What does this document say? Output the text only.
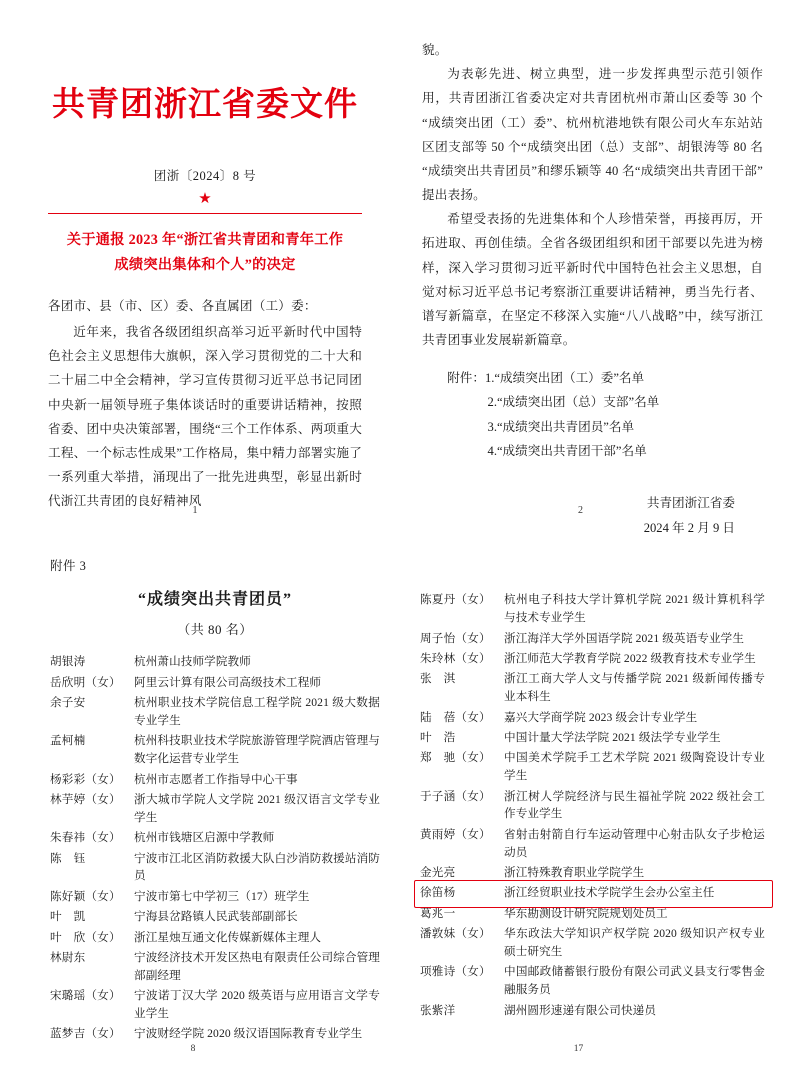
共青团浙江省委文件
团浙〔2024〕8 号
★
关于通报 2023 年“浙江省共青团和青年工作
成绩突出集体和个人”的决定

各团市、县（市、区）委、各直属团（工）委：

近年来，我省各级团组织高举习近平新时代中国特色社会主义思想伟大旗帜，深入学习贯彻党的二十大和二十届二中全会精神，学习宣传贯彻习近平总书记同团中央新一届领导班子集体谈话时的重要讲话精神，按照省委、团中央决策部署，围绕“三个工作体系、两项重大工程、一个标志性成果”工作格局，集中精力部署实施了一系列重大举措，涌现出了一批先进典型，彰显出新时代浙江共青团的良好精神风

1

貌。

为表彰先进、树立典型，进一步发挥典型示范引领作用，共青团浙江省委决定对共青团杭州市萧山区委等 30 个“成绩突出团（工）委”、杭州杭港地铁有限公司火车东站站区团支部等 50 个“成绩突出团（总）支部”、胡银涛等 80 名“成绩突出共青团员”和缪乐颖等 40 名“成绩突出共青团干部”提出表扬。

希望受表扬的先进集体和个人珍惜荣誉，再接再厉，开拓进取、再创佳绩。全省各级团组织和团干部要以先进为榜样，深入学习贯彻习近平新时代中国特色社会主义思想，自觉对标习近平总书记考察浙江重要讲话精神，勇当先行者、谱写新篇章，在坚定不移深入实施“八八战略”中，续写浙江共青团事业发展崭新篇章。

附件：1.“成绩突出团（工）委”名单
2.“成绩突出团（总）支部”名单
3.“成绩突出共青团员”名单
4.“成绩突出共青团干部”名单
共青团浙江省委
2024 年 2 月 9 日
2
附件 3
“成绩突出共青团员”
（共 80 名）
胡银涛	杭州萧山技师学院教师
岳欣明（女）	阿里云计算有限公司高级技术工程师
余子安	杭州职业技术学院信息工程学院 2021 级大数据专业学生
孟柯楠	杭州科技职业技术学院旅游管理学院酒店管理与数字化运营专业学生
杨彩彩（女）	杭州市志愿者工作指导中心干事
林芋婷（女）	浙大城市学院人文学院 2021 级汉语言文学专业学生
朱春祎（女）	杭州市钱塘区启源中学教师
陈　钰	宁波市江北区消防救援大队白沙消防救援站消防员
陈好颖（女）	宁波市第七中学初三（17）班学生
叶　凯	宁海县岔路镇人民武装部副部长
叶　欣（女）	浙江星烛互通文化传媒新媒体主理人
林尉东	宁波经济技术开发区热电有限责任公司综合管理部副经理
宋璐瑶（女）	宁波诺丁汉大学 2020 级英语与应用语言文学专业学生
蓝梦吉（女）	宁波财经学院 2020 级汉语国际教育专业学生
8
陈夏丹（女）	杭州电子科技大学计算机学院 2021 级计算机科学与技术专业学生
周子怡（女）	浙江海洋大学外国语学院 2021 级英语专业学生
朱玲林（女）	浙江师范大学教育学院 2022 级教育技术专业学生
张　淇	浙江工商大学人文与传播学院 2021 级新闻传播专业本科生
陆　蓓（女）	嘉兴大学商学院 2023 级会计专业学生
叶　浩	中国计量大学法学院 2021 级法学专业学生
郑　驰（女）	中国美术学院手工艺术学院 2021 级陶瓷设计专业学生
于子涵（女）	浙江树人学院经济与民生福祉学院 2022 级社会工作专业学生
黄雨婷（女）	省射击射箭自行车运动管理中心射击队女子步枪运动员
金光亮	浙江特殊教育职业学院学生
徐笛杨	浙江经贸职业技术学院学生会办公室主任
葛兆一	华东勘测设计研究院规划处员工
潘敦妹（女）	华东政法大学知识产权学院 2020 级知识产权专业硕士研究生
项雅诗（女）	中国邮政储蓄银行股份有限公司武义县支行零售金融服务员
张紫洋	湖州圆形速递有限公司快递员
17
